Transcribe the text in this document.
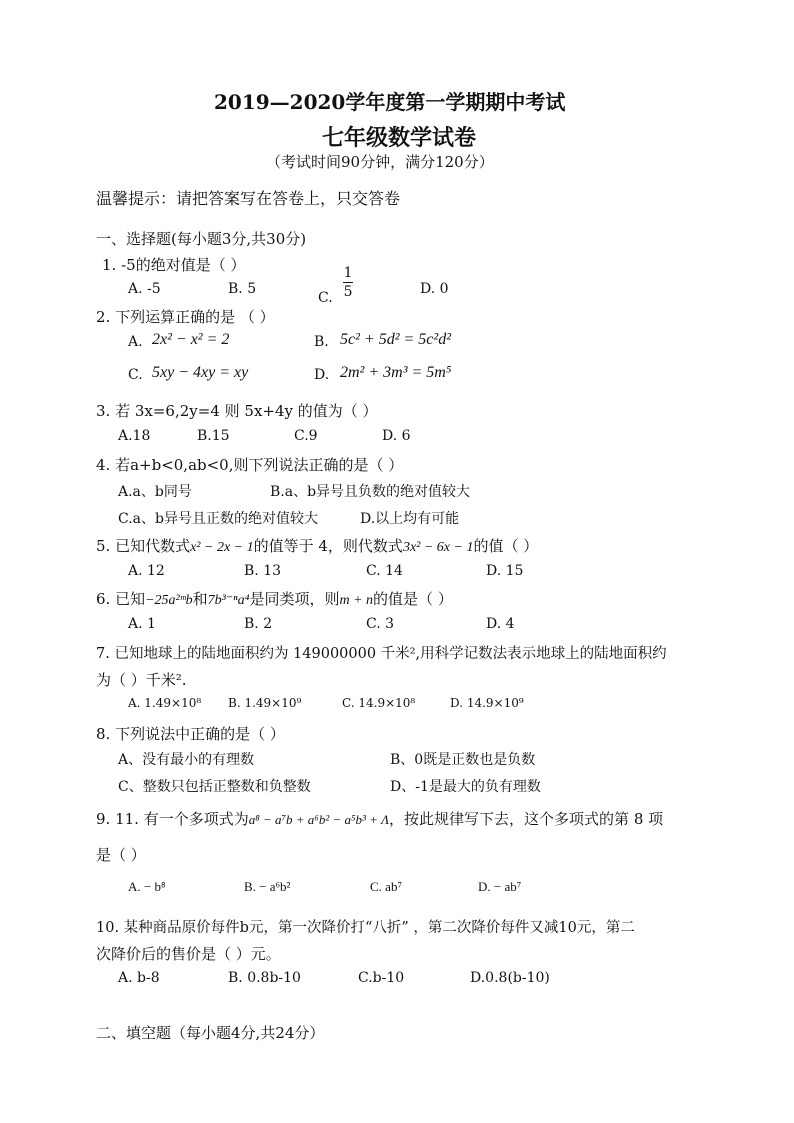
2019—2020学年度第一学期期中考试
七年级数学试卷
（考试时间90分钟，满分120分）
温馨提示：请把答案写在答卷上，只交答卷
一、选择题(每小题3分,共30分)
1. -5的绝对值是（ ）
A. -5	B. 5
C. $\frac{1}{5}$	D. 0
2. 下列运算正确的是 （ ）
A. 2x² − x² = 2	B. 5c² + 5d² = 5c²d²
C. 5xy − 4xy = xy	D. 2m² + 3m³ = 5m⁵
3. 若 3x=6,2y=4 则 5x+4y 的值为（ ）
A.18	B.15	C.9	D. 6
4. 若a+b<0,ab<0,则下列说法正确的是（ ）
A.a、b同号	B.a、b异号且负数的绝对值较大
C.a、b异号且正数的绝对值较大	D.以上均有可能
5. 已知代数式x² − 2x − 1的值等于 4，则代数式3x² − 6x − 1的值（ ）
A. 12	B. 13	C. 14	D. 15
6. 已知−25a²ᵐb和7b³⁻ⁿa⁴是同类项，则m + n的值是（ ）
A. 1	B. 2	C. 3	D. 4
7. 已知地球上的陆地面积约为 149000000 千米²,用科学记数法表示地球上的陆地面积约
为（ ）千米².
A. 1.49×10⁸ B. 1.49×10⁹	C. 14.9×10⁸	D. 14.9×10⁹
8. 下列说法中正确的是（ ）
A、没有最小的有理数	B、0既是正数也是负数
C、整数只包括正整数和负整数	D、-1是最大的负有理数
9. 11. 有一个多项式为a⁸ − a⁷b + a⁶b² − a⁵b³ + Λ，按此规律写下去，这个多项式的第 8 项
是（ ）
A. − b⁸	B. − a⁶b²	C. ab⁷	D. − ab⁷
10. 某种商品原价每件b元，第一次降价打“八折” ，第二次降价每件又减10元，第二
次降价后的售价是（ ）元。
A. b-8	B. 0.8b-10	C.b-10	D.0.8(b-10)
二、填空题（每小题4分,共24分）
